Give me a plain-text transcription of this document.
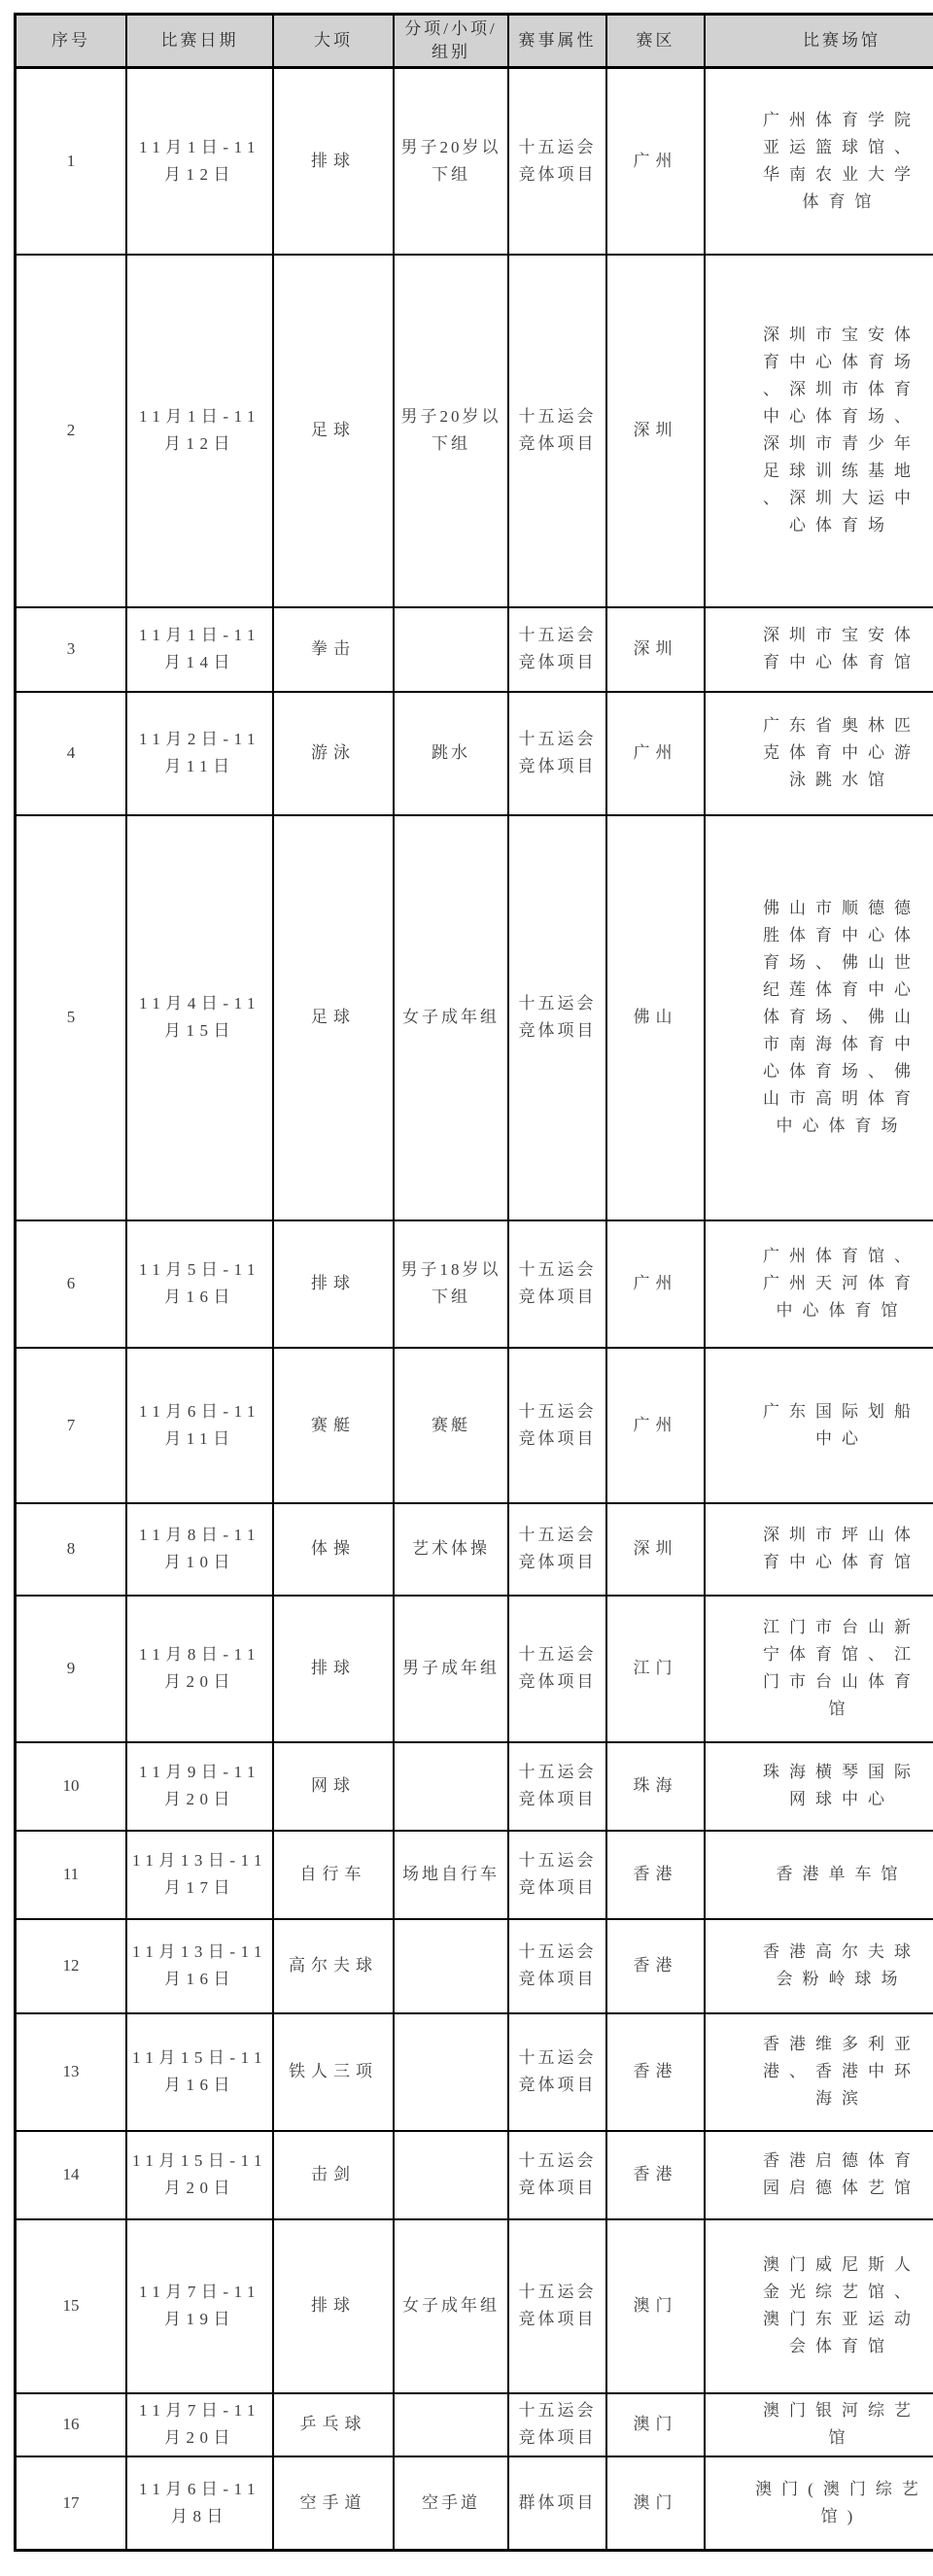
序号	比赛日期	大项	分项/小项/组别	赛事属性	赛区	比赛场馆
1	11月1日-11月12日	排球	男子20岁以下组	十五运会竞体项目	广州	广州体育学院亚运篮球馆、华南农业大学体育馆
2	11月1日-11月12日	足球	男子20岁以下组	十五运会竞体项目	深圳	深圳市宝安体育中心体育场、深圳市体育中心体育场、深圳市青少年足球训练基地、深圳大运中心体育场
3	11月1日-11月14日	拳击		十五运会竞体项目	深圳	深圳市宝安体育中心体育馆
4	11月2日-11月11日	游泳	跳水	十五运会竞体项目	广州	广东省奥林匹克体育中心游泳跳水馆
5	11月4日-11月15日	足球	女子成年组	十五运会竞体项目	佛山	佛山市顺德德胜体育中心体育场、佛山世纪莲体育中心体育场、佛山市南海体育中心体育场、佛山市高明体育中心体育场
6	11月5日-11月16日	排球	男子18岁以下组	十五运会竞体项目	广州	广州体育馆、广州天河体育中心体育馆
7	11月6日-11月11日	赛艇	赛艇	十五运会竞体项目	广州	广东国际划船中心
8	11月8日-11月10日	体操	艺术体操	十五运会竞体项目	深圳	深圳市坪山体育中心体育馆
9	11月8日-11月20日	排球	男子成年组	十五运会竞体项目	江门	江门市台山新宁体育馆、江门市台山体育馆
10	11月9日-11月20日	网球		十五运会竞体项目	珠海	珠海横琴国际网球中心
11	11月13日-11月17日	自行车	场地自行车	十五运会竞体项目	香港	香港单车馆
12	11月13日-11月16日	高尔夫球		十五运会竞体项目	香港	香港高尔夫球会粉岭球场
13	11月15日-11月16日	铁人三项		十五运会竞体项目	香港	香港维多利亚港、香港中环海滨
14	11月15日-11月20日	击剑		十五运会竞体项目	香港	香港启德体育园启德体艺馆
15	11月7日-11月19日	排球	女子成年组	十五运会竞体项目	澳门	澳门威尼斯人金光综艺馆、澳门东亚运动会体育馆
16	11月7日-11月20日	乒乓球		十五运会竞体项目	澳门	澳门银河综艺馆
17	11月6日-11月8日	空手道	空手道	群体项目	澳门	澳门(澳门综艺馆)
